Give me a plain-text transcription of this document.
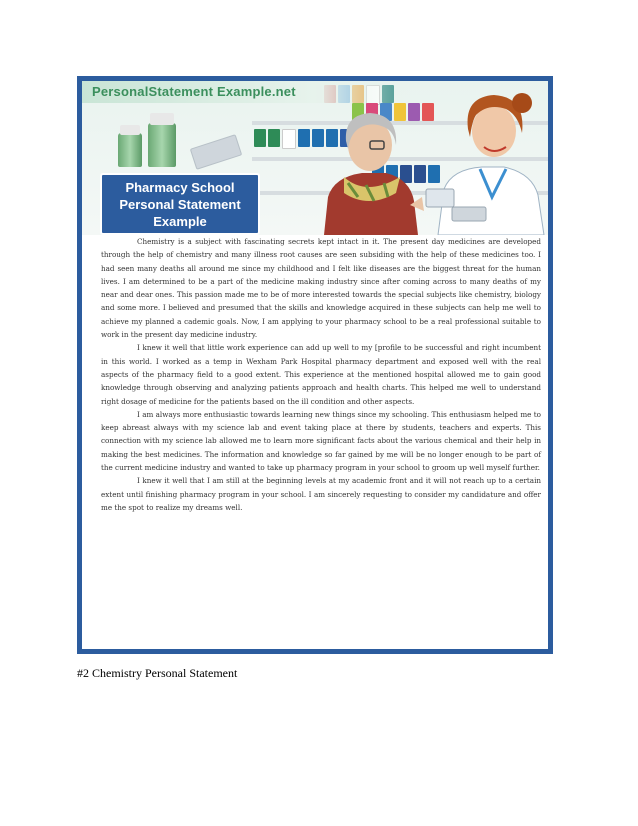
PersonalStatement Example.net
Pharmacy School
Personal Statement
Example

Chemistry is a subject with fascinating secrets kept intact in it. The present day medicines are developed through the help of chemistry and many illness root causes are seen subsiding with the help of these medicines too. I had seen many deaths all around me since my childhood and I felt like diseases are the biggest threat for the human lives. I am determined to be a part of the medicine making industry since after coming across to many deaths of my near and dear ones. This passion made me to be of more interested towards the special subjects like chemistry, biology and some more. I believed and presumed that the skills and knowledge acquired in these subjects can help me well to achieve my planned a cademic goals. Now, I am applying to your pharmacy school to be a real professional suitable to work in the present day medicine industry.

I knew it well that little work experience can add up well to my [profile to be successful and right incumbent in this world. I worked as a temp in Wexham Park Hospital pharmacy department and exposed well with the real aspects of the pharmacy field to a good extent. This experience at the mentioned hospital allowed me to gain good knowledge through observing and analyzing patients approach and health charts. This helped me well to understand right dosage of medicine for the patients based on the ill condition and other aspects.

I am always more enthusiastic towards learning new things since my schooling. This enthusiasm helped me to keep abreast always with my science lab and event taking place at there by students, teachers and experts. This connection with my science lab allowed me to learn more significant facts about the various chemical and their help in making the best medicines. The information and knowledge so far gained by me will be no longer enough to be part of the current medicine industry and wanted to take up pharmacy program in your school to groom up well myself further.

I knew it well that I am still at the beginning levels at my academic front and it will not reach up to a certain extent until finishing pharmacy program in your school. I am sincerely requesting to consider my candidature and offer me the spot to realize my dreams well.

#2 Chemistry Personal Statement
